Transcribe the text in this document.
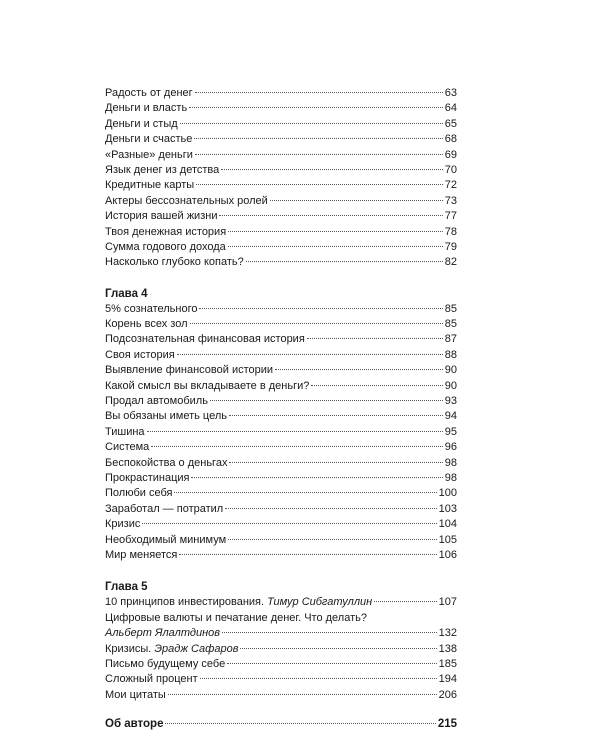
Радость от денег	63
Деньги и власть	64
Деньги и стыд	65
Деньги и счастье	68
«Разные» деньги	69
Язык денег из детства	70
Кредитные карты	72
Актеры бессознательных ролей	73
История вашей жизни	77
Твоя денежная история	78
Сумма годового дохода	79
Насколько глубоко копать?	82
Глава 4
5% сознательного	85
Корень всех зол	85
Подсознательная финансовая история	87
Своя история	88
Выявление финансовой истории	90
Какой смысл вы вкладываете в деньги?	90
Продал автомобиль	93
Вы обязаны иметь цель	94
Тишина	95
Система	96
Беспокойства о деньгах	98
Прокрастинация	98
Полюби себя	100
Заработал — потратил	103
Кризис	104
Необходимый минимум	105
Мир меняется	106
Глава 5
10 принципов инвестирования. Тимур Сибгатуллин	107
Цифровые валюты и печатание денег. Что делать?
Альберт Ялалтдинов	132
Кризисы. Эрадж Сафаров	138
Письмо будущему себе	185
Сложный процент	194
Мои цитаты	206
Об авторе	215
